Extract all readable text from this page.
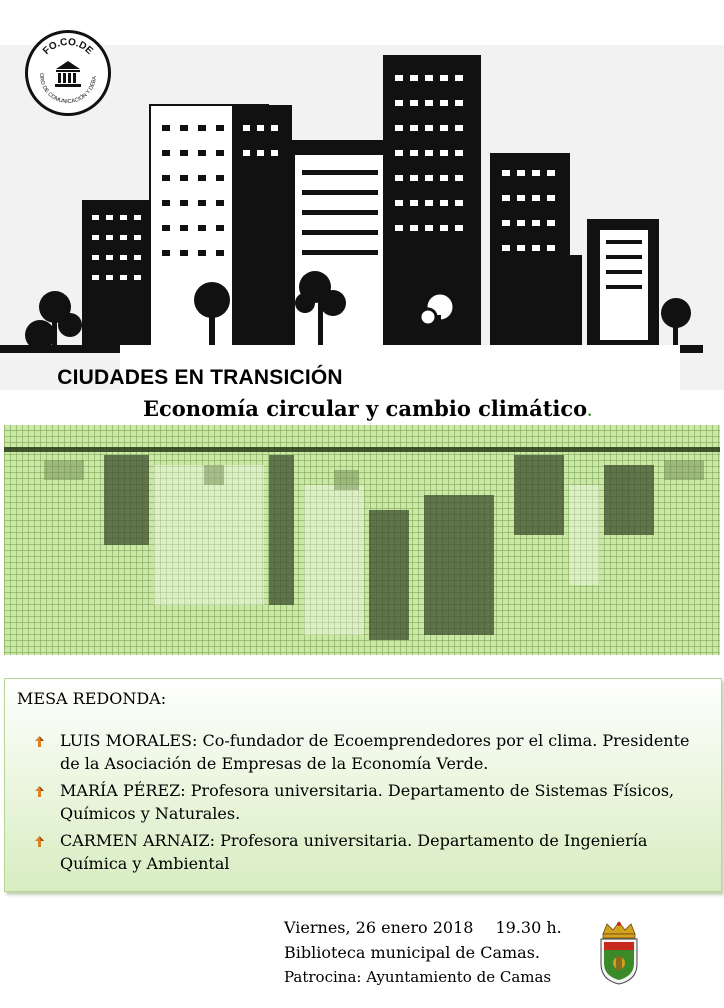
FO.CO.DE
ORO DE COMUNICACIÓN Y DEBA
CIUDADES EN TRANSICIÓN
Economía circular y cambio climático.
MESA REDONDA:
LUIS MORALES: Co-fundador de Ecoemprendedores por el clima. Presidente de la Asociación de Empresas de la Economía Verde.
MARÍA PÉREZ: Profesora universitaria. Departamento de Sistemas Físicos, Químicos y Naturales.
CARMEN ARNAIZ: Profesora universitaria. Departamento de Ingeniería Química y Ambiental
Viernes, 26 enero 2018 19.30 h.
Biblioteca municipal de Camas.
Patrocina: Ayuntamiento de Camas
